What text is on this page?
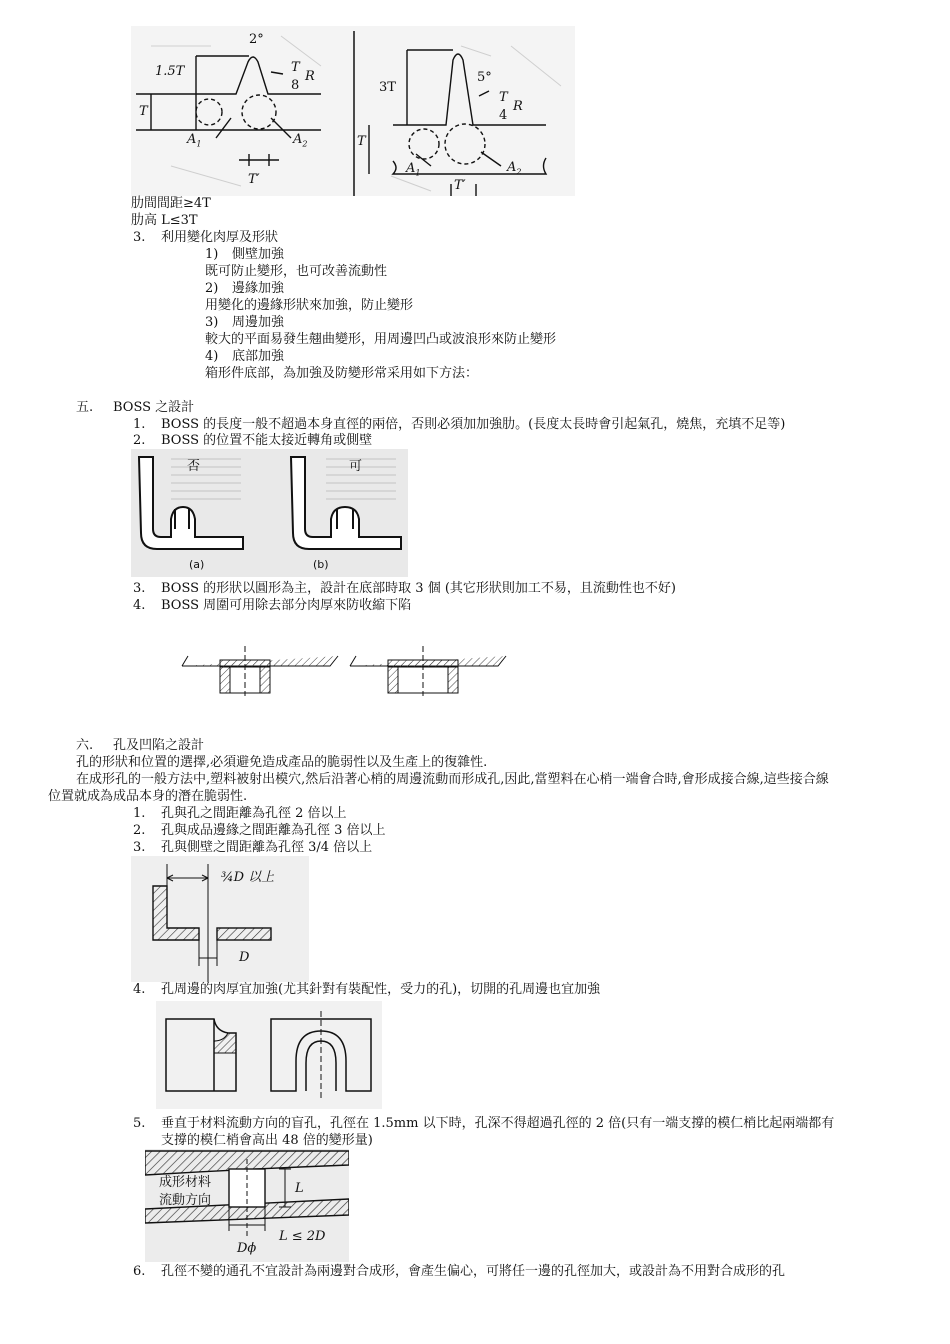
1.5T
2°
T
8
R
T
$A_1$	$A_2$
T′
3T
5°
T
4
R
T
$A_1$	$A_2$
T′
肋間間距≥4T
肋高 L≤3T
3. 利用變化肉厚及形狀
1) 側壁加強
既可防止變形，也可改善流動性
2) 邊緣加強
用變化的邊緣形狀來加強，防止變形
3) 周邊加強
較大的平面易發生翹曲變形，用周邊凹凸或波浪形來防止變形
4) 底部加強
箱形件底部，為加強及防變形常采用如下方法：
五. BOSS 之設計
1. BOSS 的長度一般不超過本身直徑的兩倍，否則必須加加強肋。(長度太長時會引起氣孔，燒焦，充填不足等)
2. BOSS 的位置不能太接近轉角或側壁
否	可
(a)	(b)
3. BOSS 的形狀以圓形為主，設計在底部時取 3 個 (其它形狀則加工不易，且流動性也不好)
4. BOSS 周圍可用除去部分肉厚來防收縮下陷
六. 孔及凹陷之設計
孔的形狀和位置的選擇,必須避免造成產品的脆弱性以及生產上的復雜性.
在成形孔的一般方法中,塑料被射出模穴,然后沿著心梢的周邊流動而形成孔,因此,當塑料在心梢一端會合時,會形成接合線,這些接合線
位置就成為成品本身的潛在脆弱性.
1. 孔與孔之間距離為孔徑 2 倍以上
2. 孔與成品邊緣之間距離為孔徑 3 倍以上
3. 孔與側壁之間距離為孔徑 3/4 倍以上
¾D 以上
D
4. 孔周邊的肉厚宜加強(尤其針對有裝配性，受力的孔)，切開的孔周邊也宜加強
5. 垂直于材料流動方向的盲孔，孔徑在 1.5mm 以下時，孔深不得超過孔徑的 2 倍(只有一端支撐的模仁梢比起兩端都有
支撐的模仁梢會高出 48 倍的變形量)
成形材料
流動方向
L
Dϕ
L ≤ 2D
6. 孔徑不變的通孔不宜設計為兩邊對合成形，會產生偏心，可將任一邊的孔徑加大，或設計為不用對合成形的孔
